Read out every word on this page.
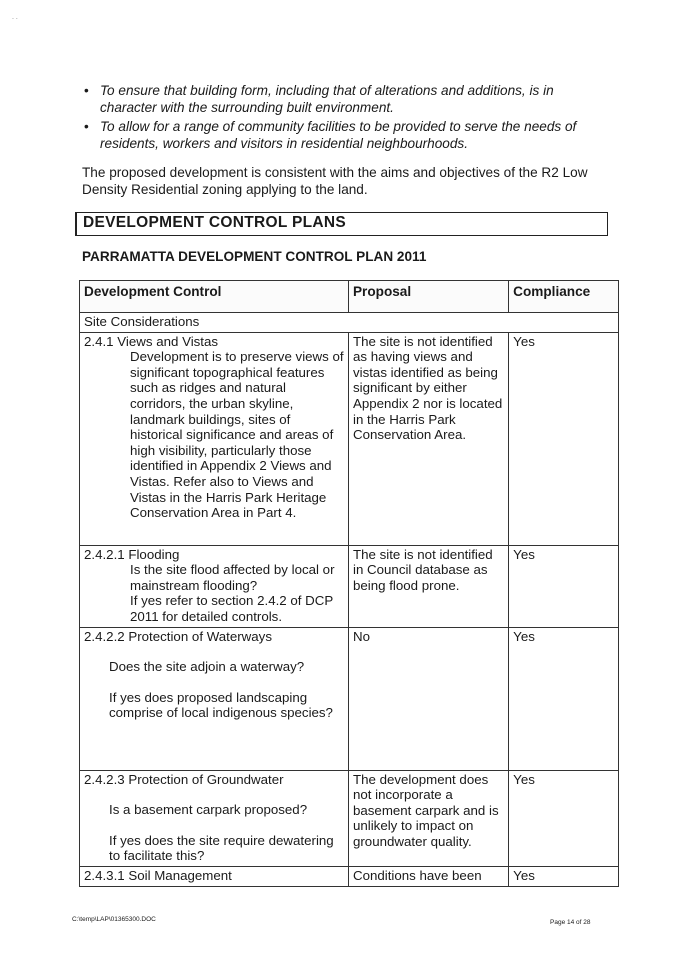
. .
• To ensure that building form, including that of alterations and additions, is in character with the surrounding built environment.
• To allow for a range of community facilities to be provided to serve the needs of residents, workers and visitors in residential neighbourhoods.
The proposed development is consistent with the aims and objectives of the R2 Low Density Residential zoning applying to the land.
DEVELOPMENT CONTROL PLANS
PARRAMATTA DEVELOPMENT CONTROL PLAN 2011
Development Control	Proposal	Compliance
Site Considerations		

2.4.1 Views and Vistas
Development is to preserve views of significant topographical features such as ridges and natural corridors, the urban skyline, landmark buildings, sites of historical significance and areas of high visibility, particularly those identified in Appendix 2 Views and Vistas. Refer also to Views and Vistas in the Harris Park Heritage Conservation Area in Part 4.	The site is not identified as having views and vistas identified as being significant by either Appendix 2 nor is located in the Harris Park Conservation Area.	Yes

2.4.2.1 Flooding
Is the site flood affected by local or mainstream flooding?
If yes refer to section 2.4.2 of DCP 2011 for detailed controls.	The site is not identified in Council database as being flood prone.	Yes

2.4.2.2 Protection of Waterways
Does the site adjoin a waterway?
If yes does proposed landscaping comprise of local indigenous species?	No	Yes

2.4.2.3 Protection of Groundwater
Is a basement carpark proposed?
If yes does the site require dewatering to facilitate this?	The development does not incorporate a basement carpark and is unlikely to impact on groundwater quality.	Yes
2.4.3.1 Soil Management	Conditions have been	Yes
C:\temp\LAP\01365300.DOC	Page 14 of 28
